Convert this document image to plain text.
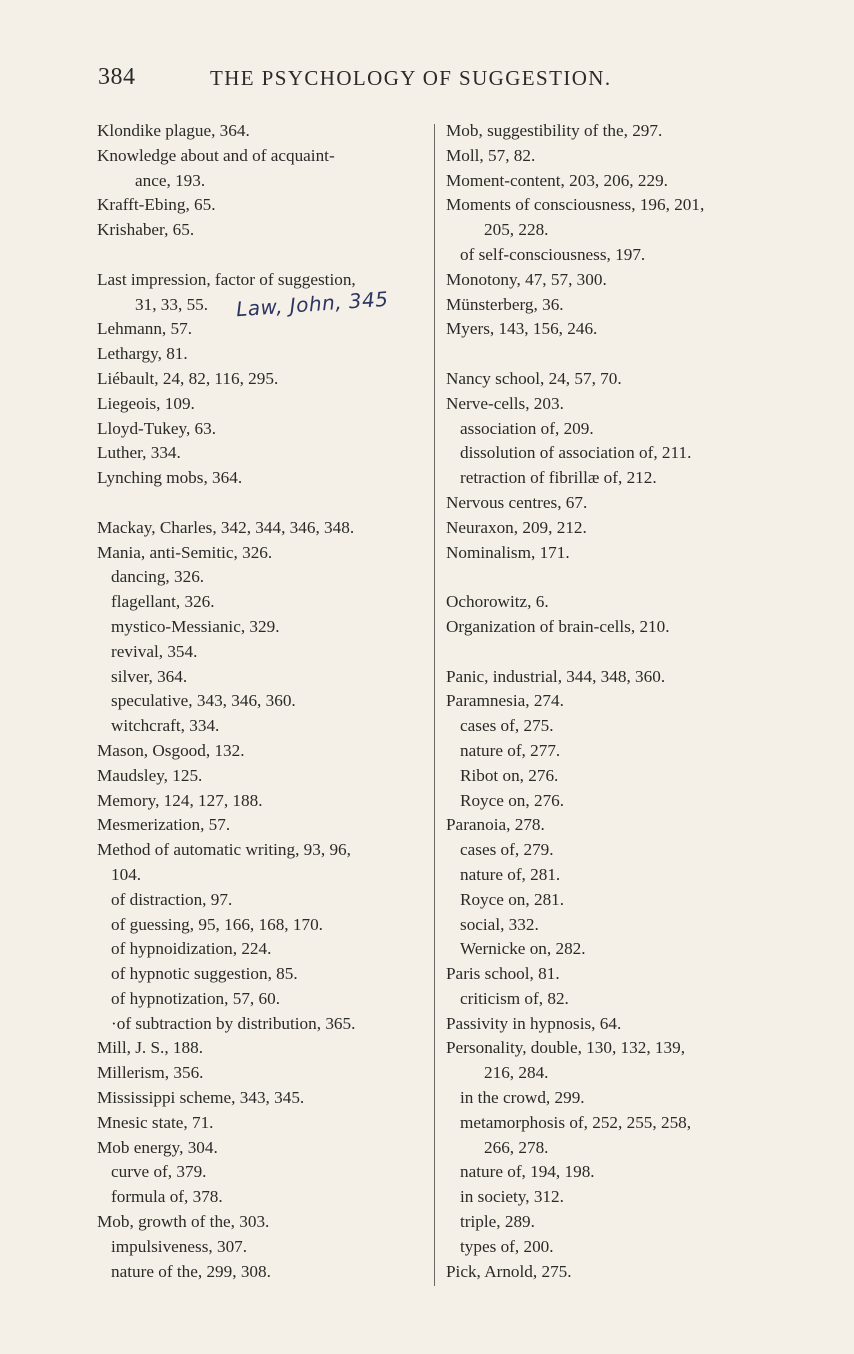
384	THE PSYCHOLOGY OF SUGGESTION.
Klondike plague, 364.
Knowledge about and of acquaint-
ance, 193.
Krafft-Ebing, 65.
Krishaber, 65.
Last impression, factor of suggestion,
31, 33, 55.
Lehmann, 57.
Lethargy, 81.
Liébault, 24, 82, 116, 295.
Liegeois, 109.
Lloyd-Tukey, 63.
Luther, 334.
Lynching mobs, 364.
Mackay, Charles, 342, 344, 346, 348.
Mania, anti-Semitic, 326.
dancing, 326.
flagellant, 326.
mystico-Messianic, 329.
revival, 354.
silver, 364.
speculative, 343, 346, 360.
witchcraft, 334.
Mason, Osgood, 132.
Maudsley, 125.
Memory, 124, 127, 188.
Mesmerization, 57.
Method of automatic writing, 93, 96,
104.
of distraction, 97.
of guessing, 95, 166, 168, 170.
of hypnoidization, 224.
of hypnotic suggestion, 85.
of hypnotization, 57, 60.
·of subtraction by distribution, 365.
Mill, J. S., 188.
Millerism, 356.
Mississippi scheme, 343, 345.
Mnesic state, 71.
Mob energy, 304.
curve of, 379.
formula of, 378.
Mob, growth of the, 303.
impulsiveness, 307.
nature of the, 299, 308.
Mob, suggestibility of the, 297.
Moll, 57, 82.
Moment-content, 203, 206, 229.
Moments of consciousness, 196, 201,
205, 228.
of self-consciousness, 197.
Monotony, 47, 57, 300.
Münsterberg, 36.
Myers, 143, 156, 246.
Nancy school, 24, 57, 70.
Nerve-cells, 203.
association of, 209.
dissolution of association of, 211.
retraction of fibrillæ of, 212.
Nervous centres, 67.
Neuraxon, 209, 212.
Nominalism, 171.
Ochorowitz, 6.
Organization of brain-cells, 210.
Panic, industrial, 344, 348, 360.
Paramnesia, 274.
cases of, 275.
nature of, 277.
Ribot on, 276.
Royce on, 276.
Paranoia, 278.
cases of, 279.
nature of, 281.
Royce on, 281.
social, 332.
Wernicke on, 282.
Paris school, 81.
criticism of, 82.
Passivity in hypnosis, 64.
Personality, double, 130, 132, 139,
216, 284.
in the crowd, 299.
metamorphosis of, 252, 255, 258,
266, 278.
nature of, 194, 198.
in society, 312.
triple, 289.
types of, 200.
Pick, Arnold, 275.
Law, John, 345
